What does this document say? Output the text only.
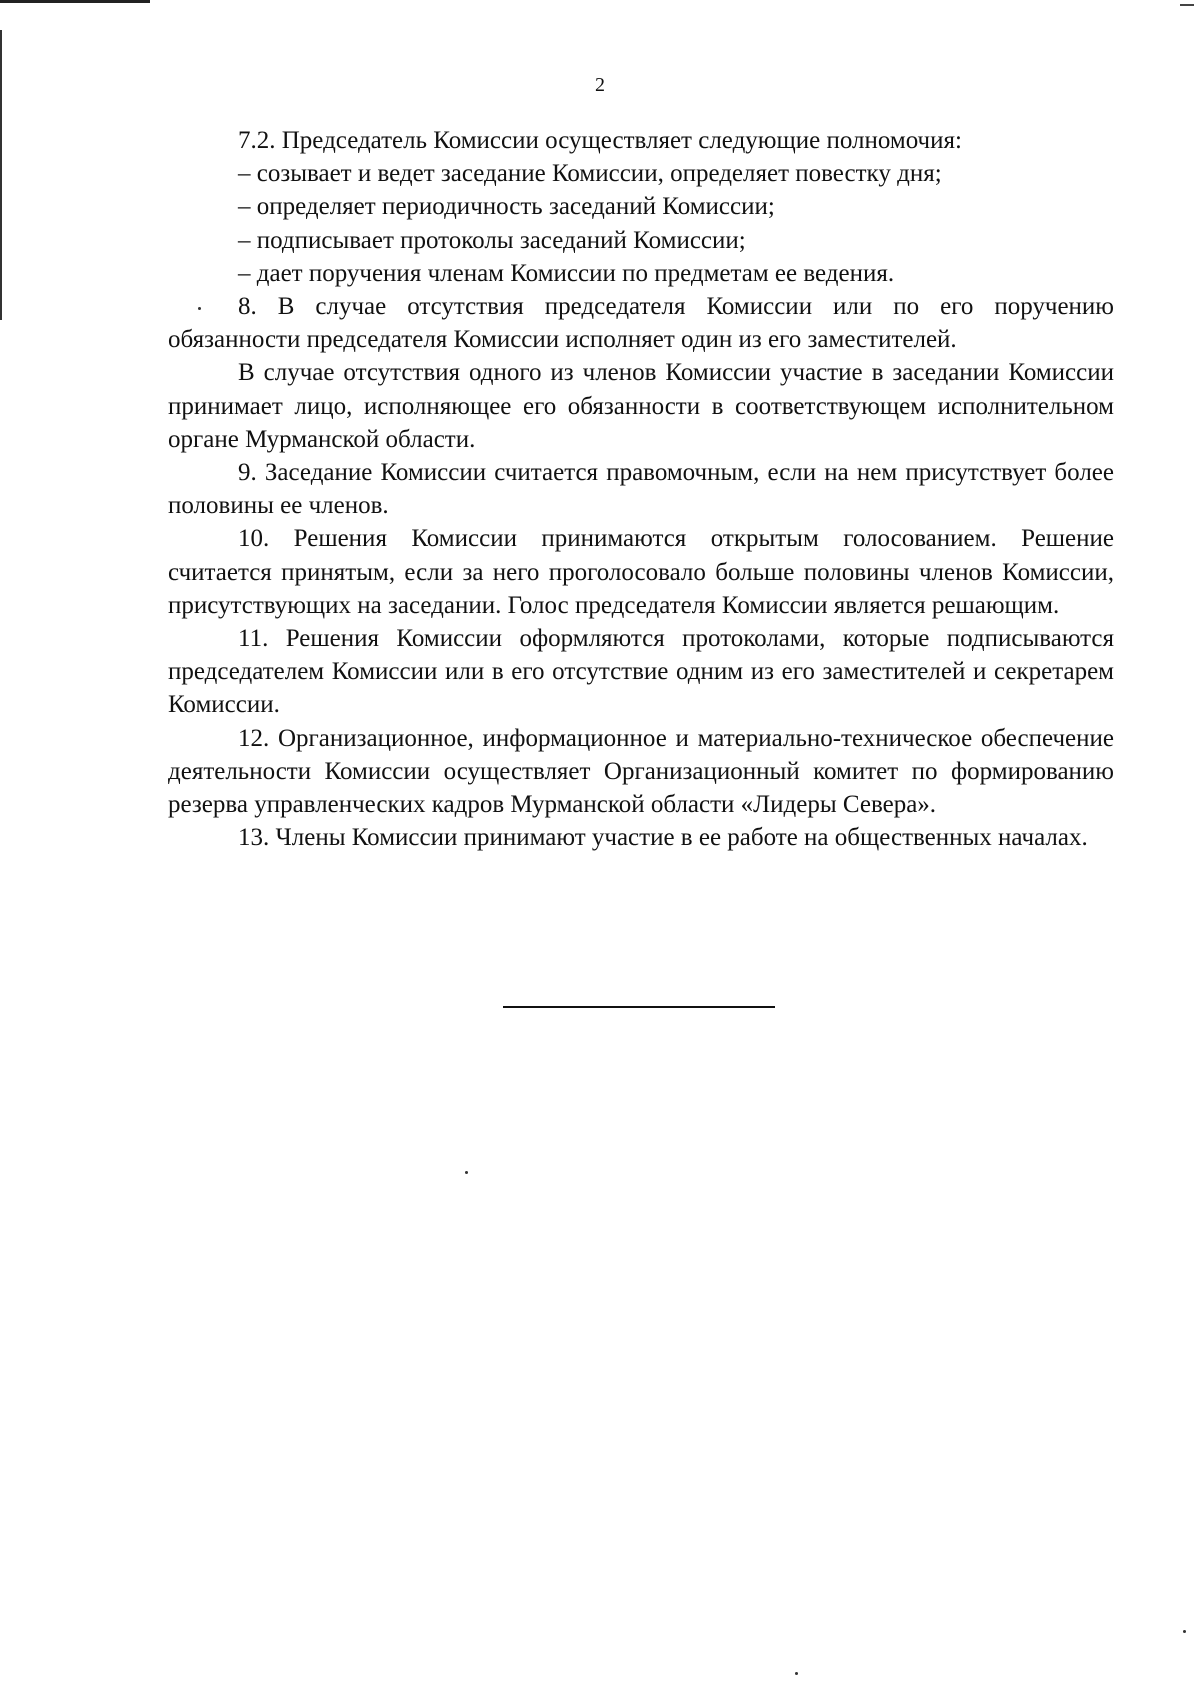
2

7.2. Председатель Комиссии осуществляет следующие полномочия:

– созывает и ведет заседание Комиссии, определяет повестку дня;

– определяет периодичность заседаний Комиссии;

– подписывает протоколы заседаний Комиссии;

– дает поручения членам Комиссии по предметам ее ведения.

8. В случае отсутствия председателя Комиссии или по его поручению обязанности председателя Комиссии исполняет один из его заместителей.

В случае отсутствия одного из членов Комиссии участие в заседании Комиссии принимает лицо, исполняющее его обязанности в соответствующем исполнительном органе Мурманской области.

9. Заседание Комиссии считается правомочным, если на нем присутствует более половины ее членов.

10. Решения Комиссии принимаются открытым голосованием. Решение считается принятым, если за него проголосовало больше половины членов Комиссии, присутствующих на заседании. Голос председателя Комиссии является решающим.

11. Решения Комиссии оформляются протоколами, которые подписываются председателем Комиссии или в его отсутствие одним из его заместителей и секретарем Комиссии.

12. Организационное, информационное и материально-техническое обеспечение деятельности Комиссии осуществляет Организационный комитет по формированию резерва управленческих кадров Мурманской области «Лидеры Севера».

13. Члены Комиссии принимают участие в ее работе на общественных началах.
